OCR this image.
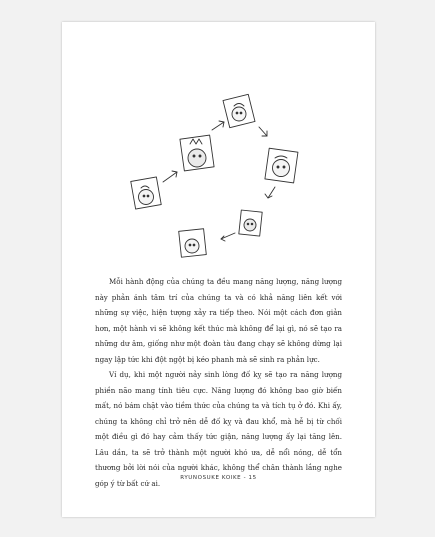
Mỗi hành động của chúng ta đều mang năng lượng, năng lượng này phản ánh tâm trí của chúng ta và có khả năng liên kết với những sự việc, hiện tượng xảy ra tiếp theo. Nói một cách đơn giản hơn, một hành vi sẽ không kết thúc mà không để lại gì, nó sẽ tạo ra những dư âm, giống như một đoàn tàu đang chạy sẽ không dừng lại ngay lập tức khi đột ngột bị kéo phanh mà sẽ sinh ra phản lực.

Ví dụ, khi một người nảy sinh lòng đố kỵ sẽ tạo ra năng lượng phiền não mang tính tiêu cực. Năng lượng đó không bao giờ biến mất, nó bám chặt vào tiềm thức của chúng ta và tích tụ ở đó. Khi ấy, chúng ta không chỉ trở nên dễ đố kỵ và đau khổ, mà hễ bị từ chối một điều gì đó hay cảm thấy tức giận, năng lượng ấy lại tăng lên. Lâu dần, ta sẽ trở thành một người khó ưa, dễ nổi nóng, dễ tổn thương bởi lời nói của người khác, không thể chân thành lắng nghe góp ý từ bất cứ ai.

RYUNOSUKE KOIKE - 15
